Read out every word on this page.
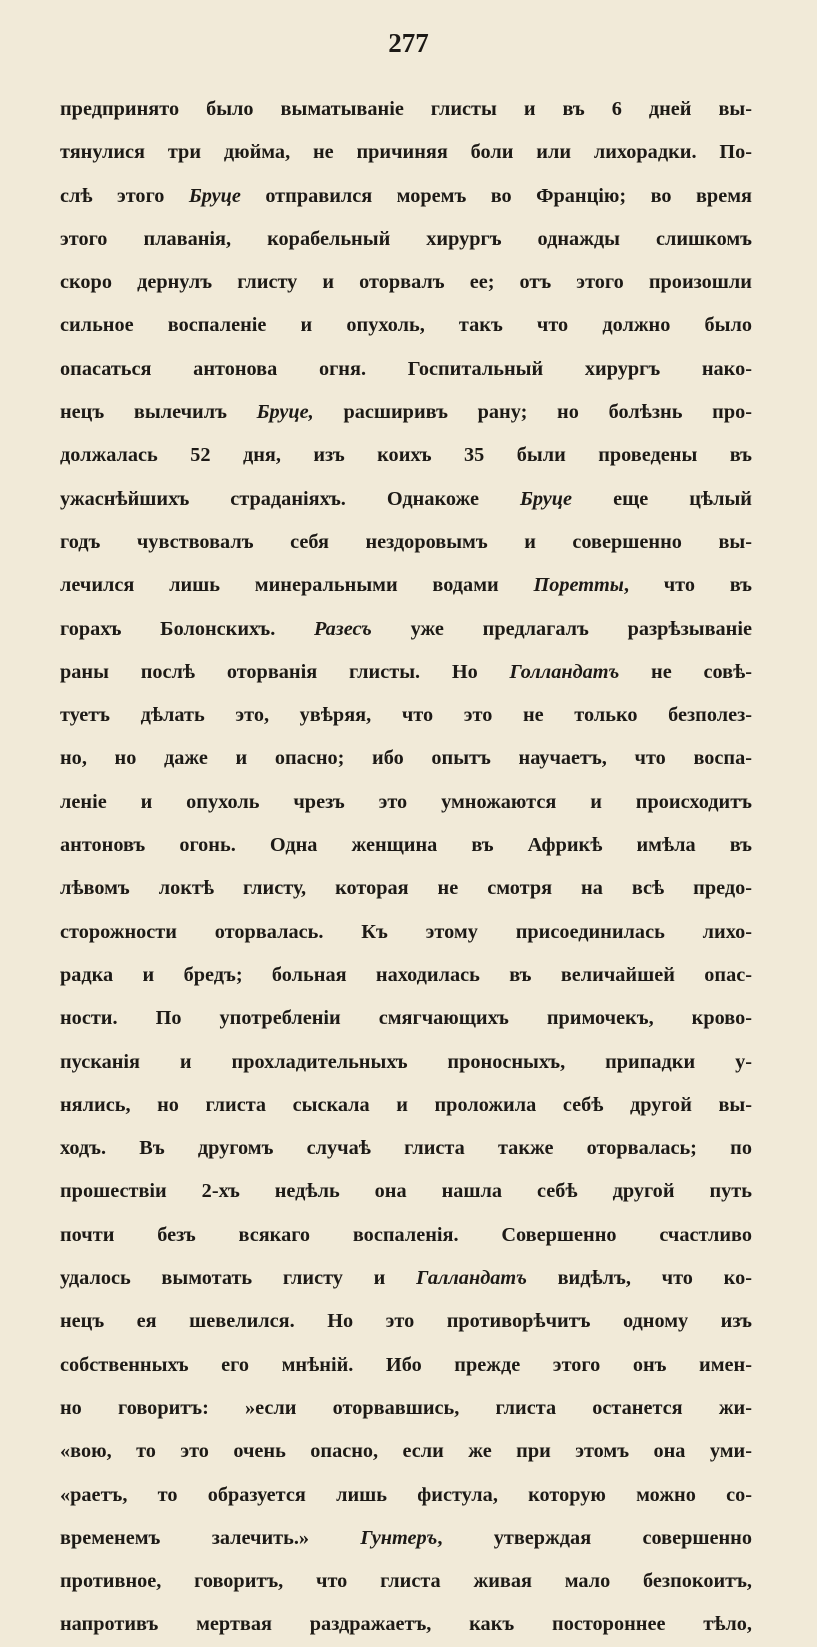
277
предпринято было выматываніе глисты и въ 6 дней вы-
тянулися три дюйма, не причиняя боли или лихорадки. По-
слѣ этого Бруце отправился моремъ во Францію; во время
этого плаванія, корабельный хирургъ однажды слишкомъ
скоро дернулъ глисту и оторвалъ ее; отъ этого произошли
сильное воспаленіе и опухоль, такъ что должно было
опасаться антонова огня. Госпитальный хирургъ нако-
нецъ вылечилъ Бруце, расширивъ рану; но болѣзнь про-
должалась 52 дня, изъ коихъ 35 были проведены въ
ужаснѣйшихъ страданіяхъ. Однакоже Бруце еще цѣлый
годъ чувствовалъ себя нездоровымъ и совершенно вы-
лечился лишь минеральными водами Поретты, что въ
горахъ Болонскихъ. Разесъ уже предлагалъ разрѣзываніе
раны послѣ оторванія глисты. Но Голландатъ не совѣ-
туетъ дѣлать это, увѣряя, что это не только безполез-
но, но даже и опасно; ибо опытъ научаетъ, что воспа-
леніе и опухоль чрезъ это умножаются и происходитъ
антоновъ огонь. Одна женщина въ Африкѣ имѣла въ
лѣвомъ локтѣ глисту, которая не смотря на всѣ предо-
сторожности оторвалась. Къ этому присоединилась лихо-
радка и бредъ; больная находилась въ величайшей опас-
ности. По употребленіи смягчающихъ примочекъ, крово-
пусканія и прохладительныхъ проносныхъ, припадки у-
нялись, но глиста сыскала и проложила себѣ другой вы-
ходъ. Въ другомъ случаѣ глиста также оторвалась; по
прошествіи 2-хъ недѣль она нашла себѣ другой путь
почти безъ всякаго воспаленія. Совершенно счастливо
удалось вымотать глисту и Галландатъ видѣлъ, что ко-
нецъ ея шевелился. Но это противорѣчитъ одному изъ
собственныхъ его мнѣній. Ибо прежде этого онъ имен-
но говоритъ: »если оторвавшись, глиста останется жи-
«вою, то это очень опасно, если же при этомъ она уми-
«раетъ, то образуется лишь фистула, которую можно со-
временемъ залечить.» Гунтеръ, утверждая совершенно
противное, говоритъ, что глиста живая мало безпокоитъ,
напротивъ мертвая раздражаетъ, какъ постороннее тѣло,
